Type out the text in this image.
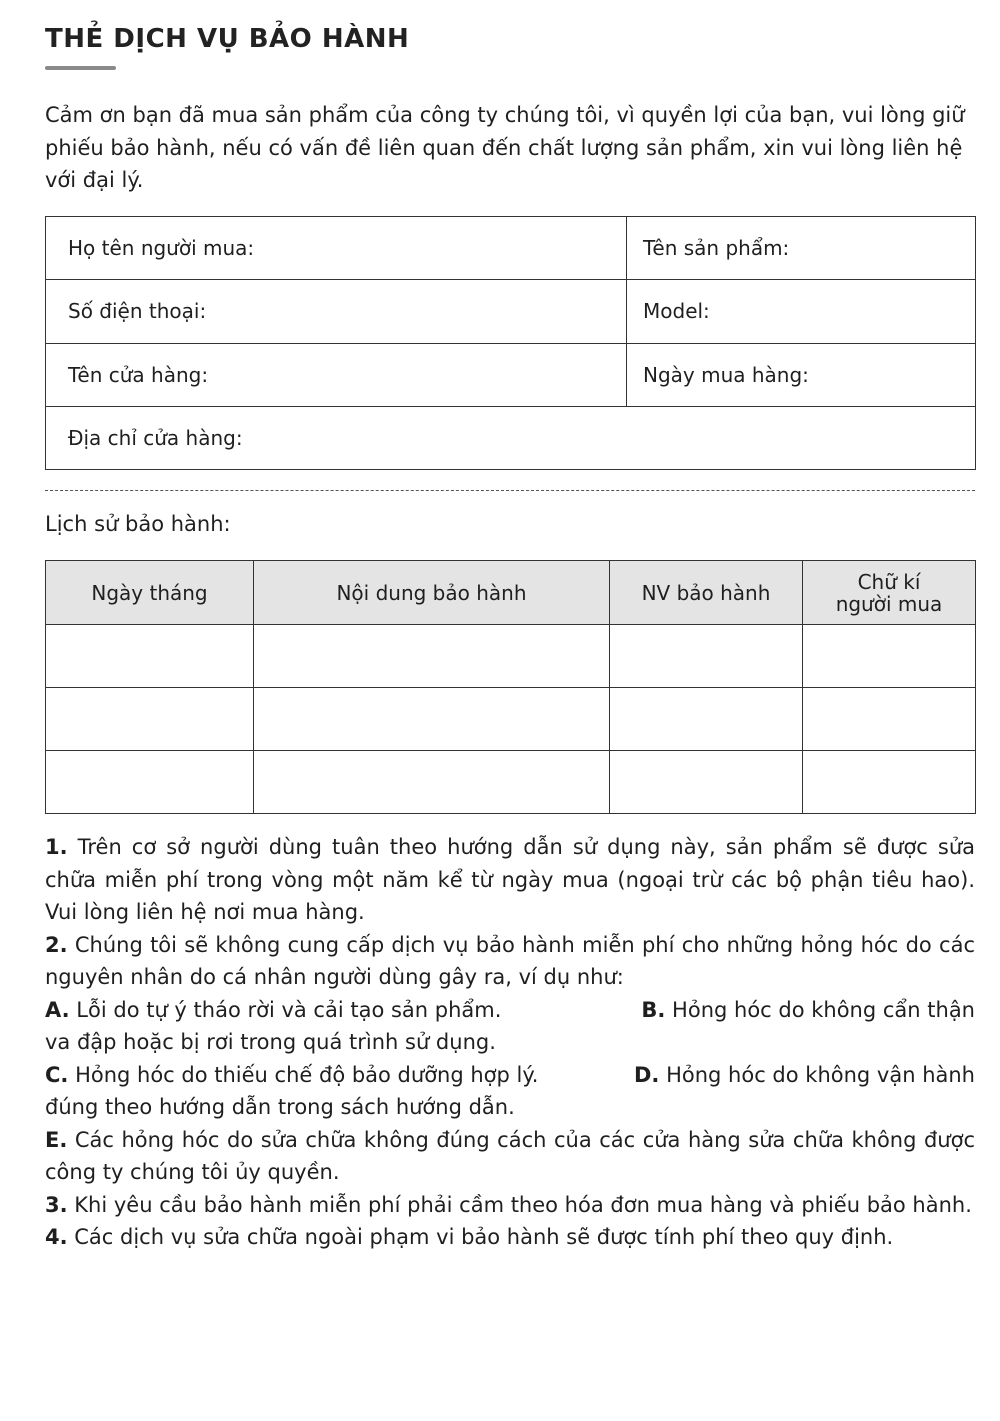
THẺ DỊCH VỤ BẢO HÀNH

Cảm ơn bạn đã mua sản phẩm của công ty chúng tôi, vì quyền lợi của bạn, vui lòng giữ phiếu bảo hành, nếu có vấn đề liên quan đến chất lượng sản phẩm, xin vui lòng liên hệ với đại lý.

Họ tên người mua:	Tên sản phẩm:
Số điện thoại:	Model:
Tên cửa hàng:	Ngày mua hàng:
Địa chỉ cửa hàng:	
Lịch sử bảo hành:
Ngày tháng	Nội dung bảo hành	NV bảo hành	Chữ kí
người mua

1. Trên cơ sở người dùng tuân theo hướng dẫn sử dụng này, sản phẩm sẽ được sửa chữa miễn phí trong vòng một năm kể từ ngày mua (ngoại trừ các bộ phận tiêu hao). Vui lòng liên hệ nơi mua hàng.

2. Chúng tôi sẽ không cung cấp dịch vụ bảo hành miễn phí cho những hỏng hóc do các nguyên nhân do cá nhân người dùng gây ra, ví dụ như:

A. Lỗi do tự ý tháo rời và cải tạo sản phẩm.	B. Hỏng hóc do không cẩn thận

va đập hoặc bị rơi trong quá trình sử dụng.

C. Hỏng hóc do thiếu chế độ bảo dưỡng hợp lý.	D. Hỏng hóc do không vận hành

đúng theo hướng dẫn trong sách hướng dẫn.

E. Các hỏng hóc do sửa chữa không đúng cách của các cửa hàng sửa chữa không được công ty chúng tôi ủy quyền.

3. Khi yêu cầu bảo hành miễn phí phải cầm theo hóa đơn mua hàng và phiếu bảo hành.

4. Các dịch vụ sửa chữa ngoài phạm vi bảo hành sẽ được tính phí theo quy định.
